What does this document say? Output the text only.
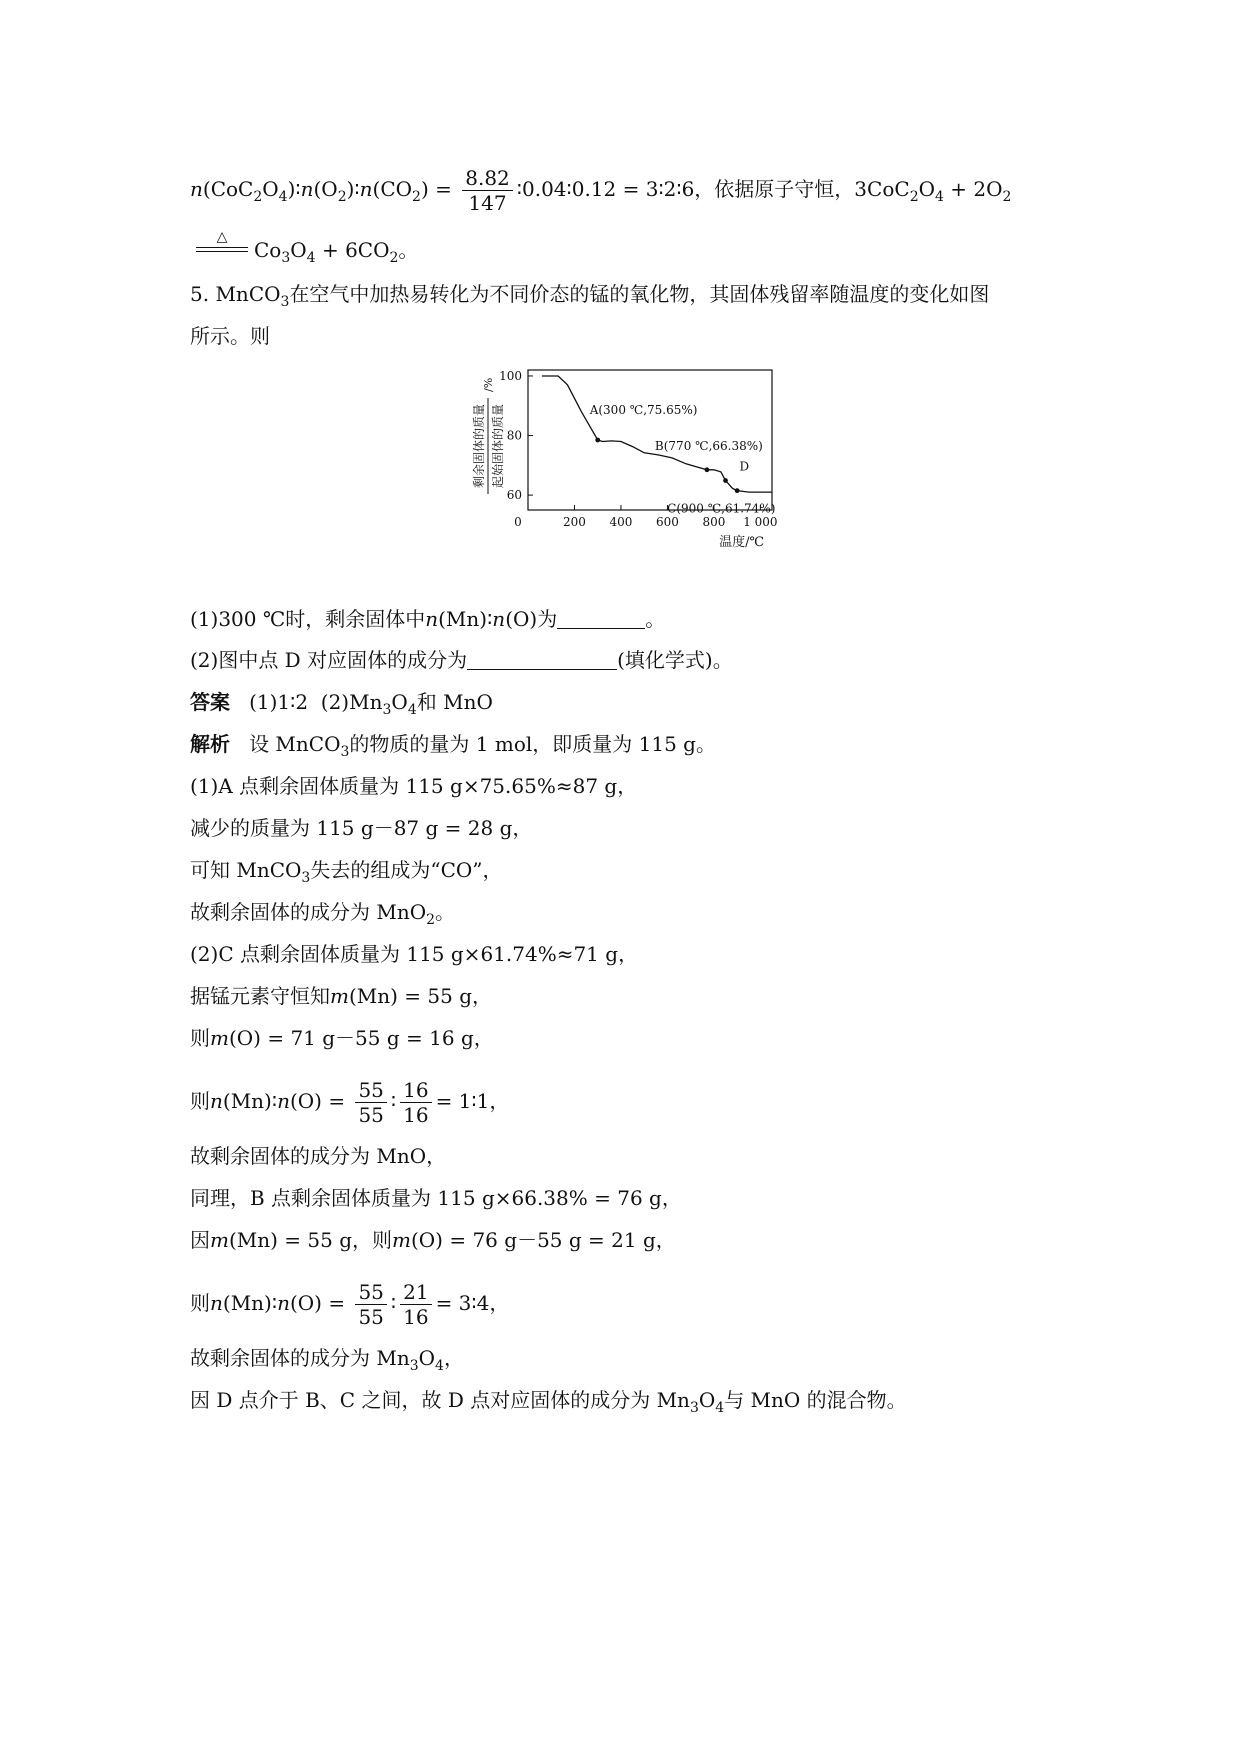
$n(CoC_2O_4)∶n(O_2)∶n(CO_2) = \frac{8.82}{147}$ ∶0.04∶0.12 = 3∶2∶6，依据原子守恒，$3CoC_2O_4 + 2O_2$
△
$Co_3O_4 + 6CO_2$。
5. MnCO$_3$在空气中加热易转化为不同价态的锰的氧化物，其固体残留率随温度的变化如图
所示。则
60
80
100
0	200 400 600 800 1 000
温度/℃
剩余固体的质量 起始固体的质量
/%
A(300 ℃,75.65%)
B(770 ℃,66.38%)
D
C(900 ℃,61.74%)
(1)300 ℃时，剩余固体中n(Mn)∶n(O)为	。
(2)图中点 D 对应固体的成分为	(填化学式)。
答案 (1)1∶2 $(2)Mn_3O_4$和 MnO
解析 设 MnCO$_3$的物质的量为 1 mol，即质量为 115 g。
(1)A 点剩余固体质量为 115 g×75.65%≈87 g，
减少的质量为 115 g－87 g = 28 g，
可知 MnCO$_3$失去的组成为“CO”，
故剩余固体的成分为 MnO$_2$。
(2)C 点剩余固体质量为 115 g×61.74%≈71 g，
据锰元素守恒知m(Mn) = 55 g，
则m(O) = 71 g－55 g = 16 g，
则n(Mn)∶n(O) = $\frac{55}{55}$ ∶ $\frac{16}{16}$ = 1∶1，
故剩余固体的成分为 MnO，
同理，B 点剩余固体质量为 115 g×66.38% = 76 g，
因m(Mn) = 55 g，则m(O) = 76 g－55 g = 21 g，
则n(Mn)∶n(O) = $\frac{55}{55}$ ∶ $\frac{21}{16}$ = 3∶4，
故剩余固体的成分为 $Mn_3O_4$，
因 D 点介于 B、C 之间，故 D 点对应固体的成分为 $Mn_3O_4$与 MnO 的混合物。
